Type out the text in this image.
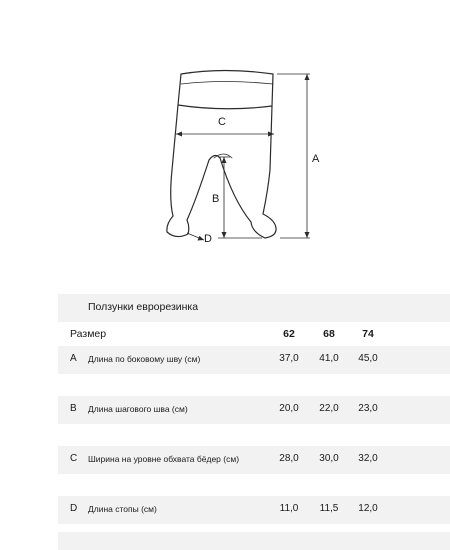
A
C
B
D
Ползунки еврорезинка
Размер	62	68	74
A Длина по боковому шву (см)	37,0	41,0	45,0
B Длина шагового шва (см)	20,0	22,0	23,0
C Ширина на уровне обхвата бёдер (см)	28,0	30,0	32,0
D Длина стопы (см)	11,0	11,5	12,0
